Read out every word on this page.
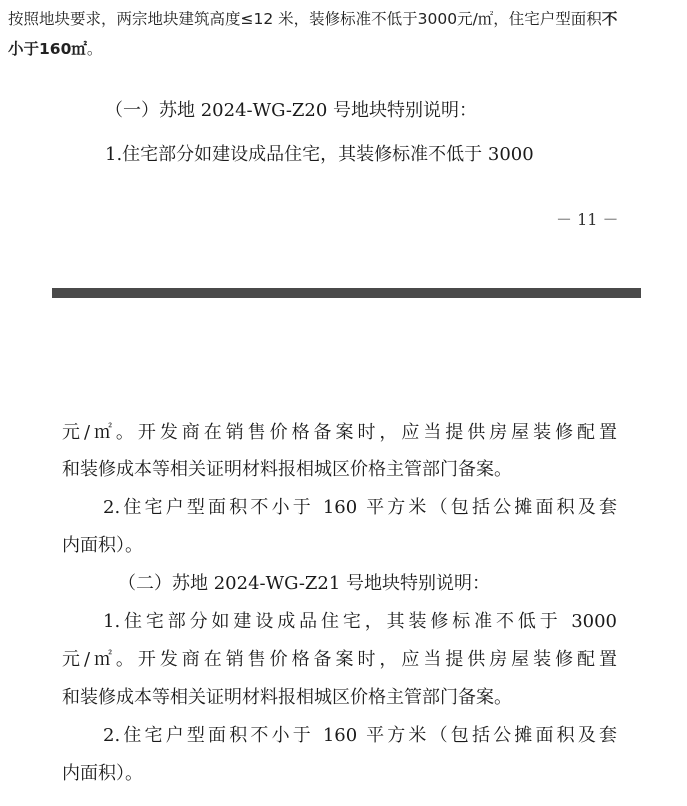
按照地块要求，两宗地块建筑高度≤12 米，装修标准不低于3000元/㎡，住宅户型面积不
小于160㎡。
（一）苏地 2024-WG-Z20 号地块特别说明：
1.住宅部分如建设成品住宅，其装修标准不低于 3000
－ 11 －
元/㎡。开发商在销售价格备案时，应当提供房屋装修配置
和装修成本等相关证明材料报相城区价格主管部门备案。
2.住宅户型面积不小于 160 平方米（包括公摊面积及套
内面积）。
（二）苏地 2024-WG-Z21 号地块特别说明：
1.住宅部分如建设成品住宅，其装修标准不低于 3000
元/㎡。开发商在销售价格备案时，应当提供房屋装修配置
和装修成本等相关证明材料报相城区价格主管部门备案。
2.住宅户型面积不小于 160 平方米（包括公摊面积及套
内面积）。
